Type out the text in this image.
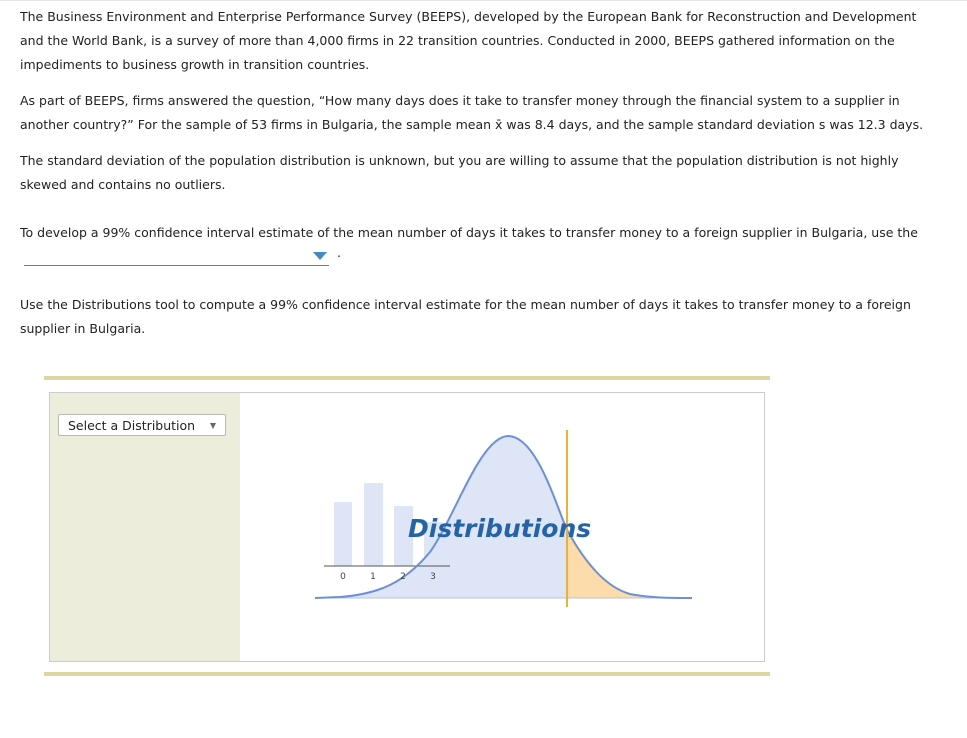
The Business Environment and Enterprise Performance Survey (BEEPS), developed by the European Bank for Reconstruction and Development and the World Bank, is a survey of more than 4,000 firms in 22 transition countries. Conducted in 2000, BEEPS gathered information on the impediments to business growth in transition countries.

As part of BEEPS, firms answered the question, “How many days does it take to transfer money through the financial system to a supplier in another country?” For the sample of 53 firms in Bulgaria, the sample mean x̄ was 8.4 days, and the sample standard deviation s was 12.3 days.

The standard deviation of the population distribution is unknown, but you are willing to assume that the population distribution is not highly skewed and contains no outliers.

To develop a 99% confidence interval estimate of the mean number of days it takes to transfer money to a foreign supplier in Bulgaria, use the

.

Use the Distributions tool to compute a 99% confidence interval estimate for the mean number of days it takes to transfer money to a foreign supplier in Bulgaria.

Select a Distribution
0	1	2	3
Distributions
